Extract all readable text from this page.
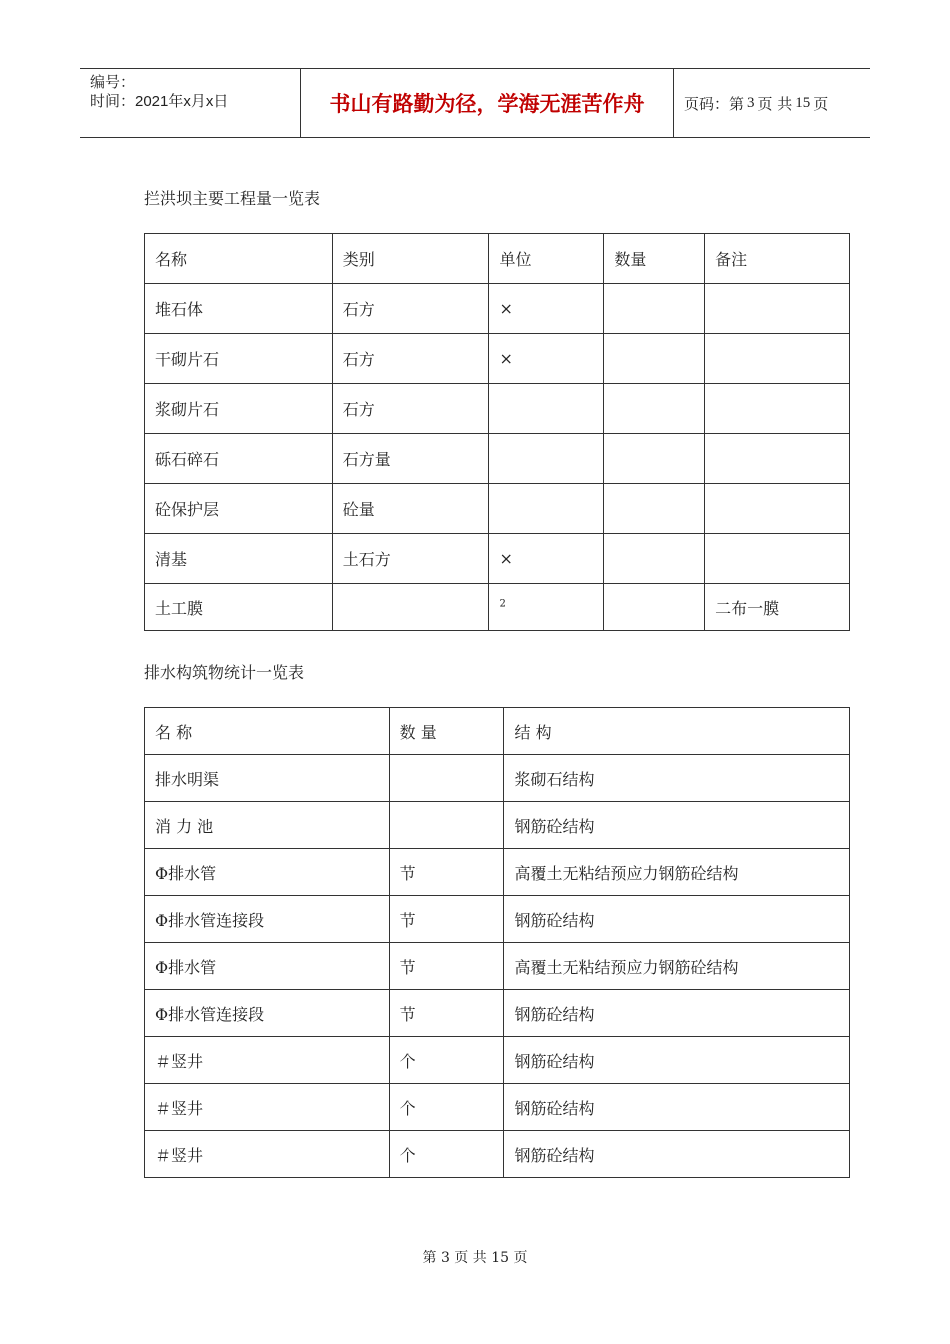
编号：
时间：2021年x月x日	书山有路勤为径，学海无涯苦作舟	页码：第 3 页 共 15 页
拦洪坝主要工程量一览表
名称	类别	单位	数量	备注
堆石体	石方	×		
干砌片石	石方	×		
浆砌片石	石方			
砾石碎石	石方量			
砼保护层	砼量			
清基	土石方	×		
土工膜		$^2$		二布一膜
排水构筑物统计一览表
名 称	数 量	结 构
排水明渠		浆砌石结构
消 力 池		钢筋砼结构
Φ排水管	节	高覆土无粘结预应力钢筋砼结构
Φ排水管连接段	节	钢筋砼结构
Φ排水管	节	高覆土无粘结预应力钢筋砼结构
Φ排水管连接段	节	钢筋砼结构
＃竖井	个	钢筋砼结构
＃竖井	个	钢筋砼结构
＃竖井	个	钢筋砼结构
第 3 页 共 15 页
